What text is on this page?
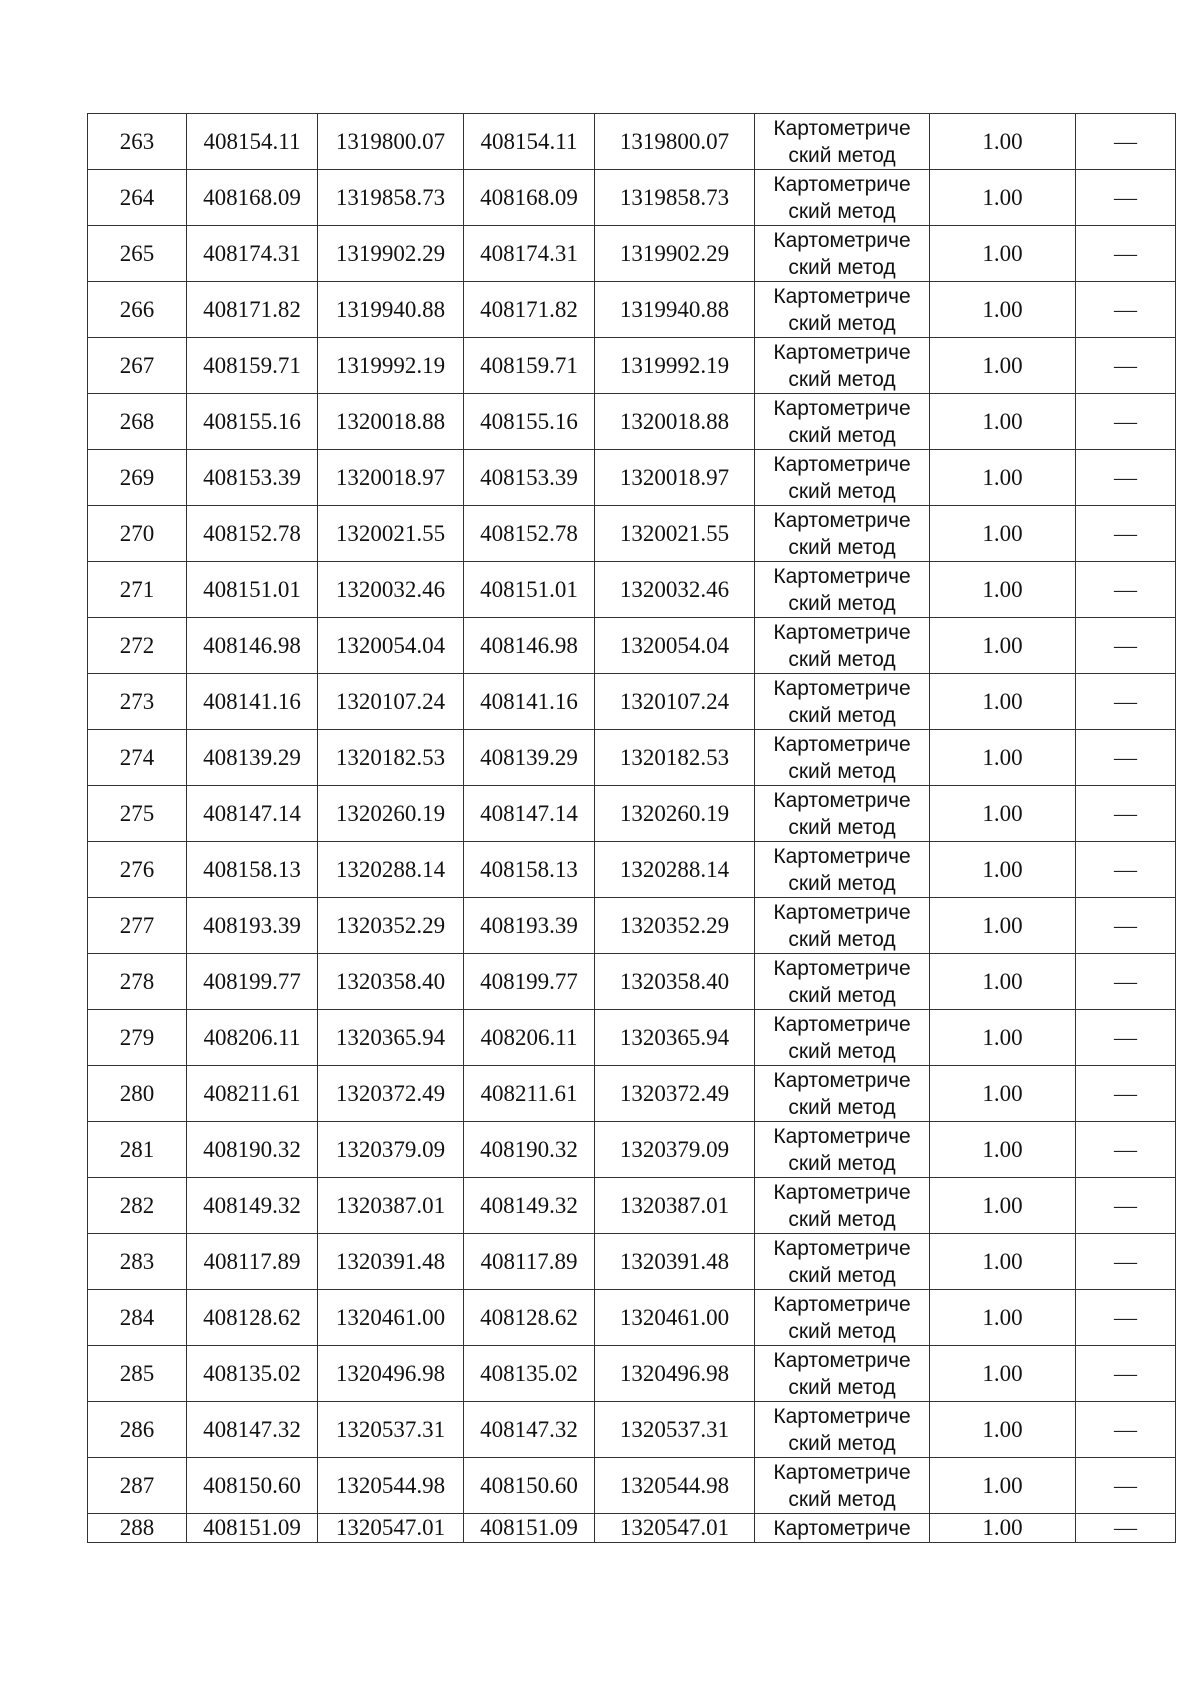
263	408154.11	1319800.07	408154.11	1319800.07	Картометриче
ский метод	1.00	—
264	408168.09	1319858.73	408168.09	1319858.73	Картометриче
ский метод	1.00	—
265	408174.31	1319902.29	408174.31	1319902.29	Картометриче
ский метод	1.00	—
266	408171.82	1319940.88	408171.82	1319940.88	Картометриче
ский метод	1.00	—
267	408159.71	1319992.19	408159.71	1319992.19	Картометриче
ский метод	1.00	—
268	408155.16	1320018.88	408155.16	1320018.88	Картометриче
ский метод	1.00	—
269	408153.39	1320018.97	408153.39	1320018.97	Картометриче
ский метод	1.00	—
270	408152.78	1320021.55	408152.78	1320021.55	Картометриче
ский метод	1.00	—
271	408151.01	1320032.46	408151.01	1320032.46	Картометриче
ский метод	1.00	—
272	408146.98	1320054.04	408146.98	1320054.04	Картометриче
ский метод	1.00	—
273	408141.16	1320107.24	408141.16	1320107.24	Картометриче
ский метод	1.00	—
274	408139.29	1320182.53	408139.29	1320182.53	Картометриче
ский метод	1.00	—
275	408147.14	1320260.19	408147.14	1320260.19	Картометриче
ский метод	1.00	—
276	408158.13	1320288.14	408158.13	1320288.14	Картометриче
ский метод	1.00	—
277	408193.39	1320352.29	408193.39	1320352.29	Картометриче
ский метод	1.00	—
278	408199.77	1320358.40	408199.77	1320358.40	Картометриче
ский метод	1.00	—
279	408206.11	1320365.94	408206.11	1320365.94	Картометриче
ский метод	1.00	—
280	408211.61	1320372.49	408211.61	1320372.49	Картометриче
ский метод	1.00	—
281	408190.32	1320379.09	408190.32	1320379.09	Картометриче
ский метод	1.00	—
282	408149.32	1320387.01	408149.32	1320387.01	Картометриче
ский метод	1.00	—
283	408117.89	1320391.48	408117.89	1320391.48	Картометриче
ский метод	1.00	—
284	408128.62	1320461.00	408128.62	1320461.00	Картометриче
ский метод	1.00	—
285	408135.02	1320496.98	408135.02	1320496.98	Картометриче
ский метод	1.00	—
286	408147.32	1320537.31	408147.32	1320537.31	Картометриче
ский метод	1.00	—
287	408150.60	1320544.98	408150.60	1320544.98	Картометриче
ский метод	1.00	—
288	408151.09	1320547.01	408151.09	1320547.01	Картометриче	1.00	—
